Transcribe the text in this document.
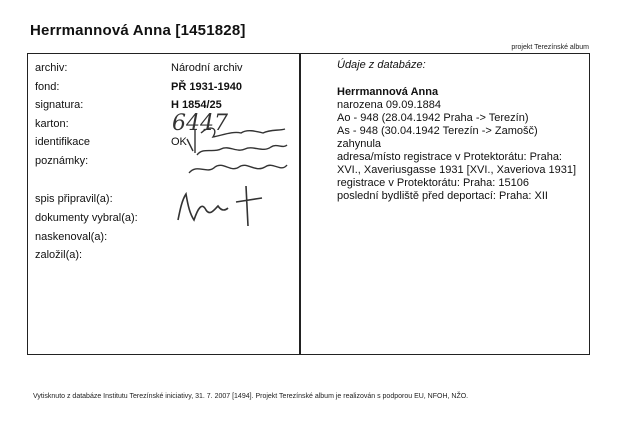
Herrmannová Anna [1451828]
projekt Terezínské album
archiv:	Národní archiv
fond:	PŘ 1931-1940
signatura:	H 1854/25
karton:	6447
identifikace	OK
poznámky:
spis připravil(a):
dokumenty vybral(a):
naskenoval(a):
založil(a):
Údaje z databáze:
Herrmannová Anna
narozena 09.09.1884
Ao - 948 (28.04.1942 Praha -> Terezín)
As - 948 (30.04.1942 Terezín -> Zamošč)
zahynula
adresa/místo registrace v Protektorátu: Praha:
XVI., Xaveriusgasse 1931 [XVI., Xaveriova 1931]
registrace v Protektorátu: Praha: 15106
poslední bydliště před deportací: Praha: XII
Vytisknuto z databáze Institutu Terezínské iniciativy, 31. 7. 2007 [1494]. Projekt Terezínské album je realizován s podporou EU, NFOH, NŽO.
